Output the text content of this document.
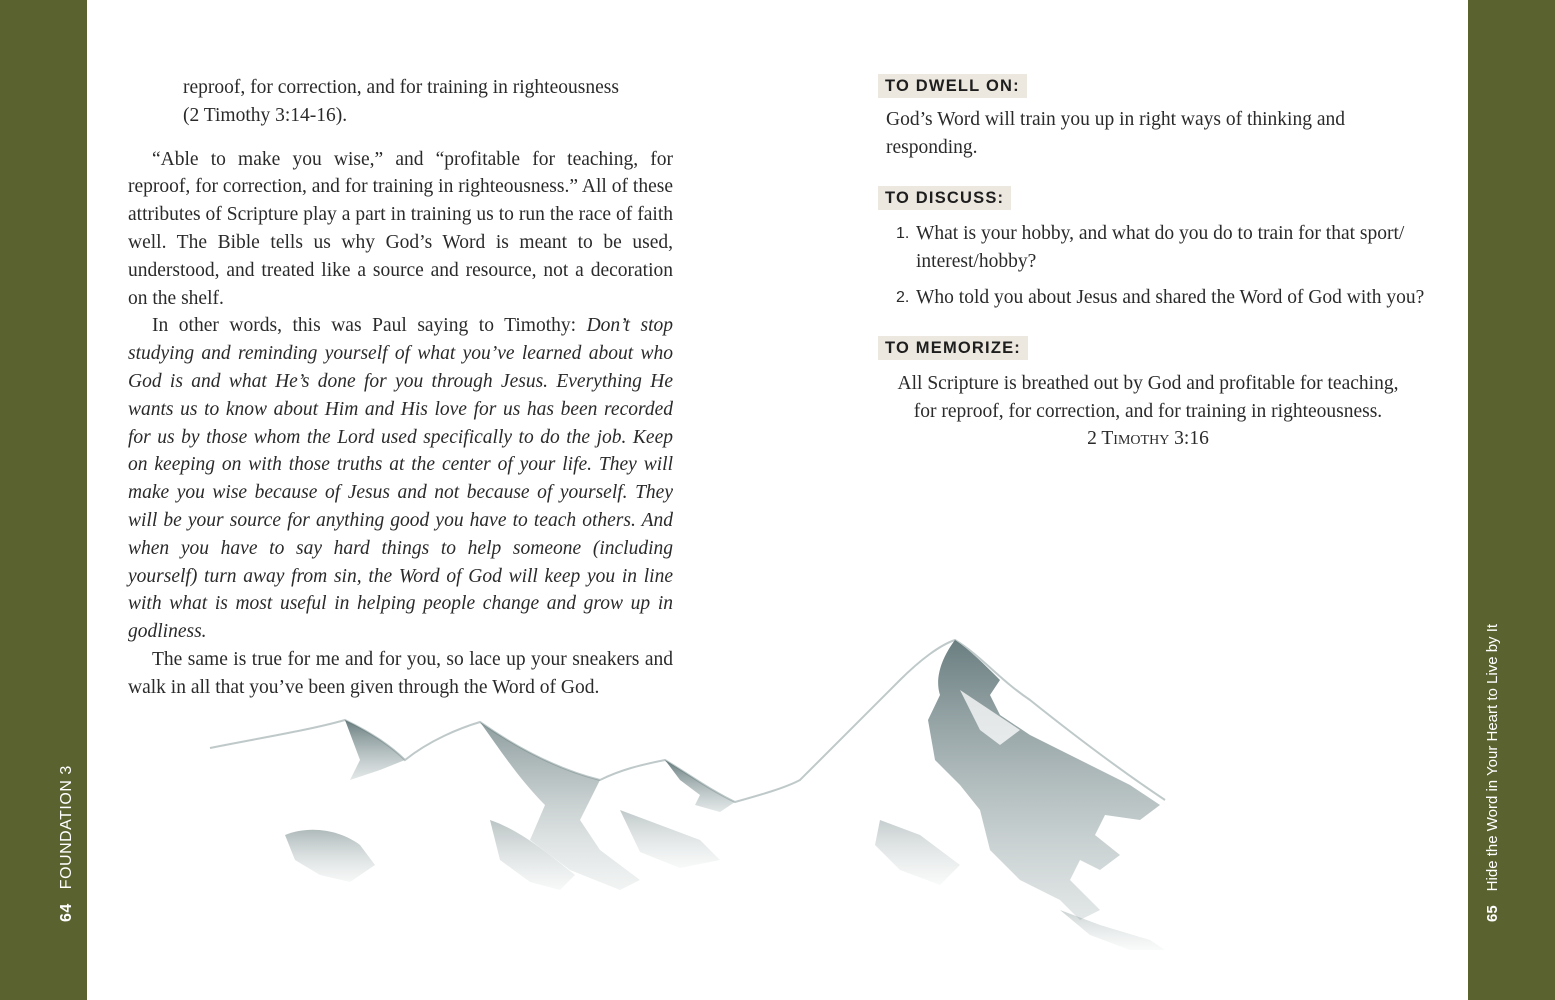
64FOUNDATION 3
65Hide the Word in Your Heart to Live by It

reproof, for correction, and for training in righteousness
(2 Timothy 3:14-16).

“Able to make you wise,” and “profitable for teaching, for reproof, for correction, and for training in righteousness.” All of these attributes of Scripture play a part in training us to run the race of faith well. The Bible tells us why God’s Word is meant to be used, understood, and treated like a source and resource, not a decoration on the shelf.

In other words, this was Paul saying to Timothy: Don’t stop studying and reminding yourself of what you’ve learned about who God is and what He’s done for you through Jesus. Everything He wants us to know about Him and His love for us has been recorded for us by those whom the Lord used specifically to do the job. Keep on keeping on with those truths at the center of your life. They will make you wise because of Jesus and not because of yourself. They will be your source for anything good you have to teach others. And when you have to say hard things to help someone (including yourself) turn away from sin, the Word of God will keep you in line with what is most useful in helping people change and grow up in godliness.

The same is true for me and for you, so lace up your sneakers and walk in all that you’ve been given through the Word of God.

TO DWELL ON:
God’s Word will train you up in right ways of thinking and responding.
TO DISCUSS:
1. What is your hobby, and what do you do to train for that sport/ interest/hobby?
2. Who told you about Jesus and shared the Word of God with you?
TO MEMORIZE:
All Scripture is breathed out by God and profitable for teaching,
for reproof, for correction, and for training in righteousness.
2 Timothy 3:16
